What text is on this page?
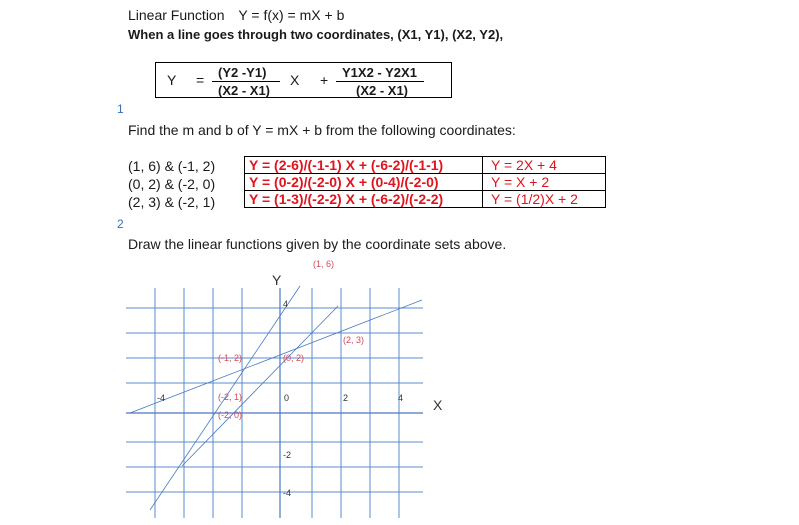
Linear Function Y = f(x) = mX + b
When a line goes through two coordinates, (X1, Y1), (X2, Y2),
Y = (Y2 -Y1)
(X2 - X1)
X + Y1X2 - Y2X1
(X2 - X1)
1
Find the m and b of Y = mX + b from the following coordinates:
(1, 6) & (-1, 2)
(0, 2) & (-2, 0)
(2, 3) & (-2, 1)
Y = (2-6)/(-1-1) X + (-6-2)/(-1-1)	Y = 2X + 4
Y = (0-2)/(-2-0) X + (0-4)/(-2-0)	Y = X + 2
Y = (1-3)/(-2-2) X + (-6-2)/(-2-2)	Y = (1/2)X + 2
2
Draw the linear functions given by the coordinate sets above.
X
Y
-4	0	2	4
4
-2
-4
(1, 6)
(2, 3)
(-1, 2)	(0, 2)
(-2, 1)
(-2, 0)
